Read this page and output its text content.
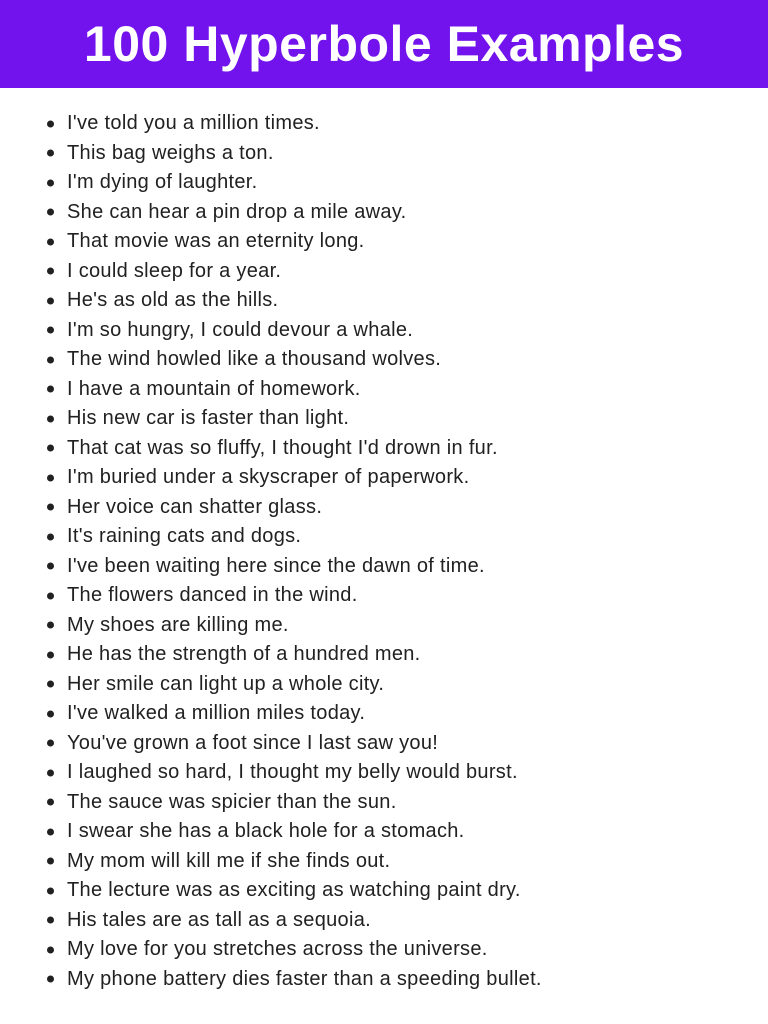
100 Hyperbole Examples
I've told you a million times.
This bag weighs a ton.
I'm dying of laughter.
She can hear a pin drop a mile away.
That movie was an eternity long.
I could sleep for a year.
He's as old as the hills.
I'm so hungry, I could devour a whale.
The wind howled like a thousand wolves.
I have a mountain of homework.
His new car is faster than light.
That cat was so fluffy, I thought I'd drown in fur.
I'm buried under a skyscraper of paperwork.
Her voice can shatter glass.
It's raining cats and dogs.
I've been waiting here since the dawn of time.
The flowers danced in the wind.
My shoes are killing me.
He has the strength of a hundred men.
Her smile can light up a whole city.
I've walked a million miles today.
You've grown a foot since I last saw you!
I laughed so hard, I thought my belly would burst.
The sauce was spicier than the sun.
I swear she has a black hole for a stomach.
My mom will kill me if she finds out.
The lecture was as exciting as watching paint dry.
His tales are as tall as a sequoia.
My love for you stretches across the universe.
My phone battery dies faster than a speeding bullet.
